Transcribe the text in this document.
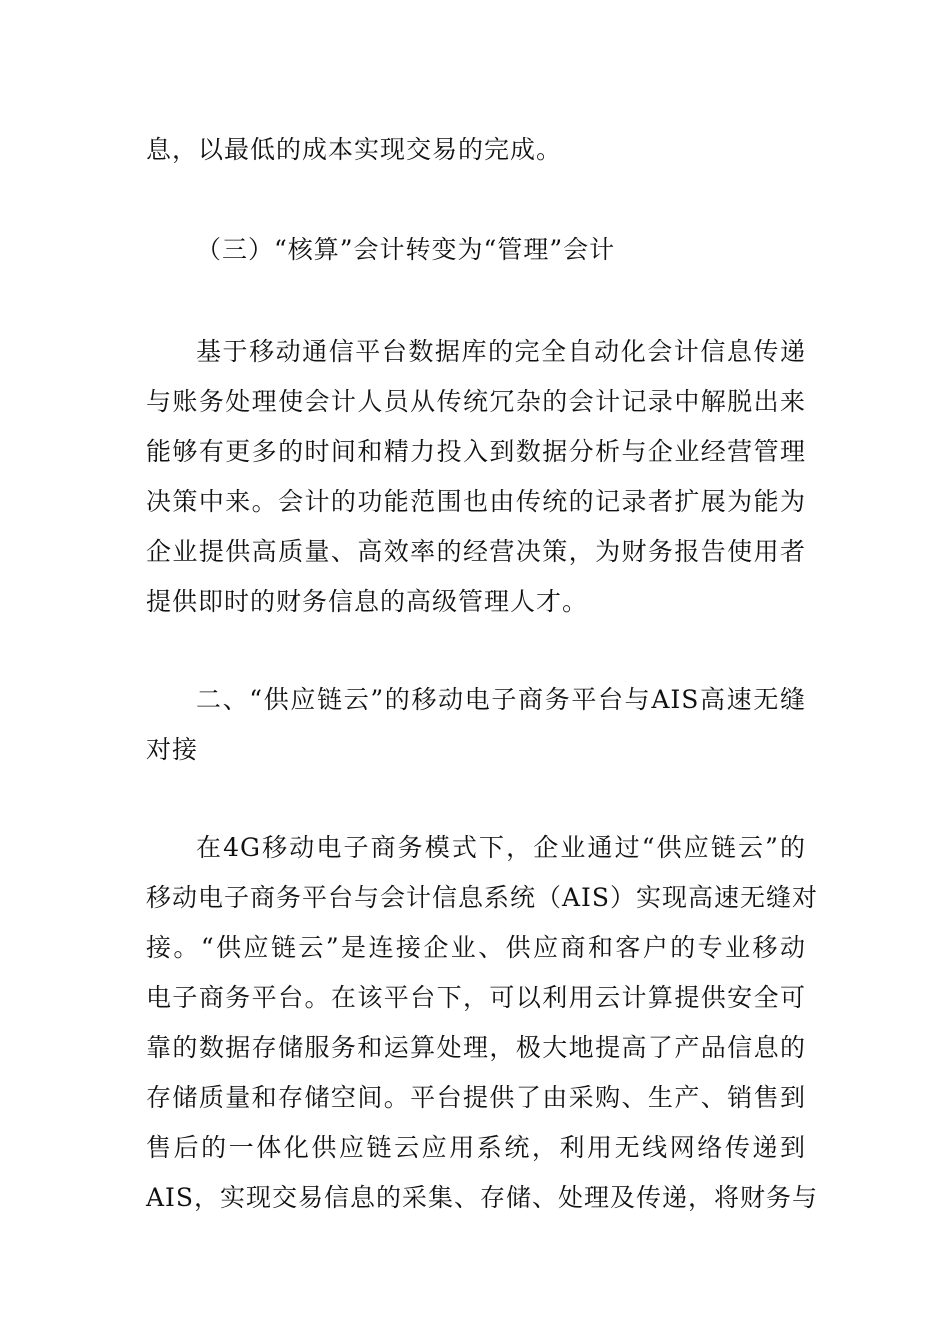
息，以最低的成本实现交易的完成。
（三）“核算”会计转变为“管理”会计
基于移动通信平台数据库的完全自动化会计信息传递
与账务处理使会计人员从传统冗杂的会计记录中解脱出来
能够有更多的时间和精力投入到数据分析与企业经营管理
决策中来。会计的功能范围也由传统的记录者扩展为能为
企业提供高质量、高效率的经营决策，为财务报告使用者
提供即时的财务信息的高级管理人才。
二、“供应链云”的移动电子商务平台与AIS高速无缝
对接
在4G移动电子商务模式下，企业通过“供应链云”的
移动电子商务平台与会计信息系统（AIS）实现高速无缝对
接。“供应链云”是连接企业、供应商和客户的专业移动
电子商务平台。在该平台下，可以利用云计算提供安全可
靠的数据存储服务和运算处理，极大地提高了产品信息的
存储质量和存储空间。平台提供了由采购、生产、销售到
售后的一体化供应链云应用系统，利用无线网络传递到
AIS，实现交易信息的采集、存储、处理及传递，将财务与
